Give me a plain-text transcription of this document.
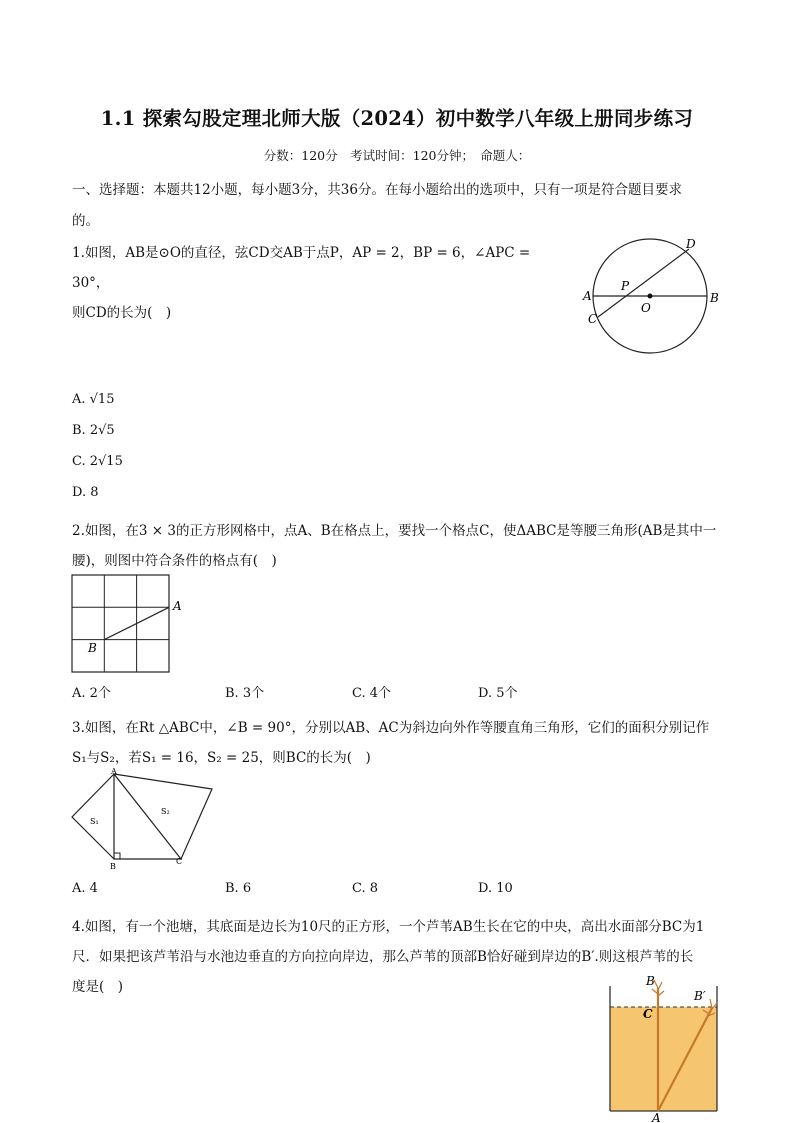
1.1 探索勾股定理北师大版（2024）初中数学八年级上册同步练习
分数：120分　考试时间：120分钟；　命题人：
一、选择题：本题共12小题，每小题3分，共36分。在每小题给出的选项中，只有一项是符合题目要求
的。
1.如图，AB是⊙O的直径，弦CD交AB于点P，AP = 2，BP = 6，∠APC = 30°，
则CD的长为(　)
A	B
C
D
P
O
A. √15
B. 2√5
C. 2√15
D. 8
2.如图，在3 × 3的正方形网格中，点A、B在格点上，要找一个格点C，使ΔABC是等腰三角形(AB是其中一
腰)，则图中符合条件的格点有(　)
A
B
A. 2个	B. 3个	C. 4个	D. 5个
3.如图，在Rt △ABC中，∠B = 90°，分别以AB、AC为斜边向外作等腰直角三角形，它们的面积分别记作
S₁与S₂，若S₁ = 16，S₂ = 25，则BC的长为(　)
A
B
C
S₁
S₂
A. 4	B. 6	C. 8	D. 10
4.如图，有一个池塘，其底面是边长为10尺的正方形，一个芦苇AB生长在它的中央，高出水面部分BC为1
尺．如果把该芦苇沿与水池边垂直的方向拉向岸边，那么芦苇的顶部B恰好碰到岸边的B′.则这根芦苇的长
度是(　)	B
B′
C
A
